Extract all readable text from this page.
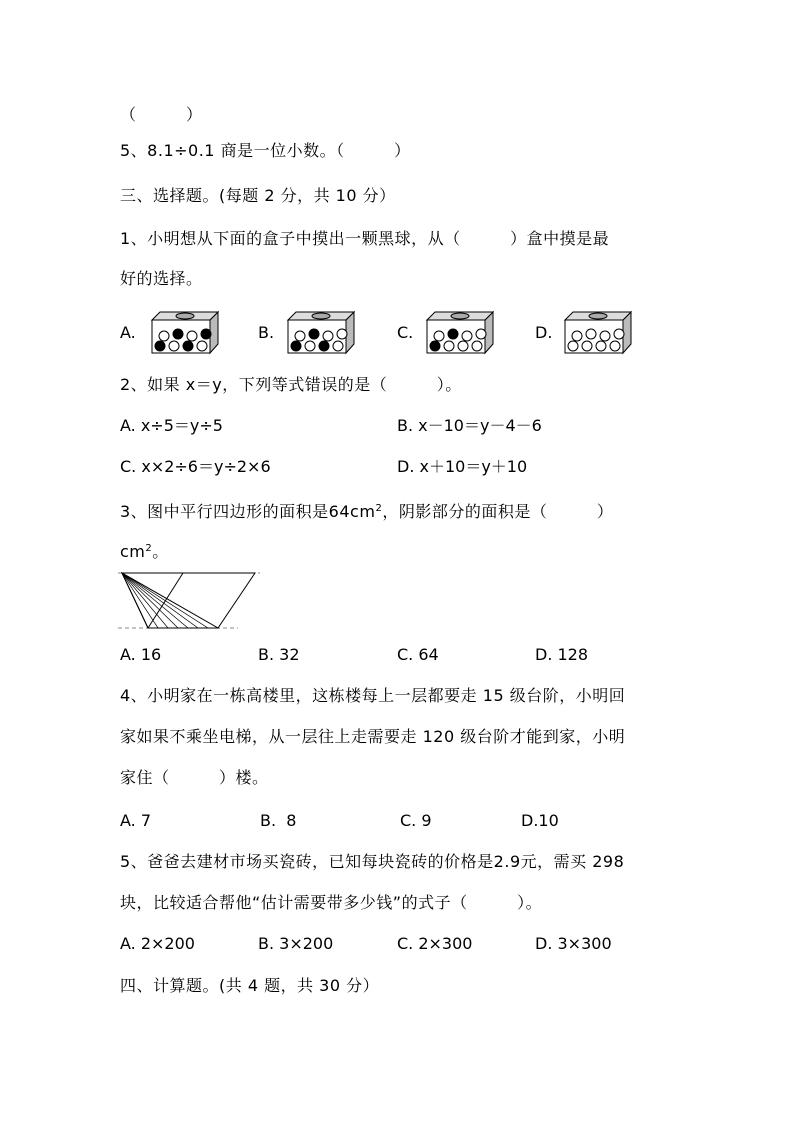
（　　　）
5、8.1÷0.1 商是一位小数。（　　　）
三、选择题。(每题 2 分，共 10 分）
1、小明想从下面的盒子中摸出一颗黑球，从（　　　）盒中摸是最
好的选择。
A.	B.	C.	D.
2、如果 x＝y，下列等式错误的是（　　　）。
A. x÷5＝y÷5	B. x－10＝y－4－6
C. x×2÷6＝y÷2×6	D. x＋10＝y＋10
3、图中平行四边形的面积是$64cm^2$，阴影部分的面积是（　　　）
$cm^2$。
A. 16	B. 32	C. 64	D. 128
4、小明家在一栋高楼里，这栋楼每上一层都要走 15 级台阶，小明回
家如果不乘坐电梯，从一层往上走需要走 120 级台阶才能到家，小明
家住（　　　）楼。
A. 7	B.  8	C. 9	D.10
5、爸爸去建材市场买瓷砖，已知每块瓷砖的价格是2.9元，需买 298
块，比较适合帮他“估计需要带多少钱”的式子（　　　）。
A. 2×200	B. 3×200	C. 2×300	D. 3×300
四、计算题。(共 4 题，共 30 分）
